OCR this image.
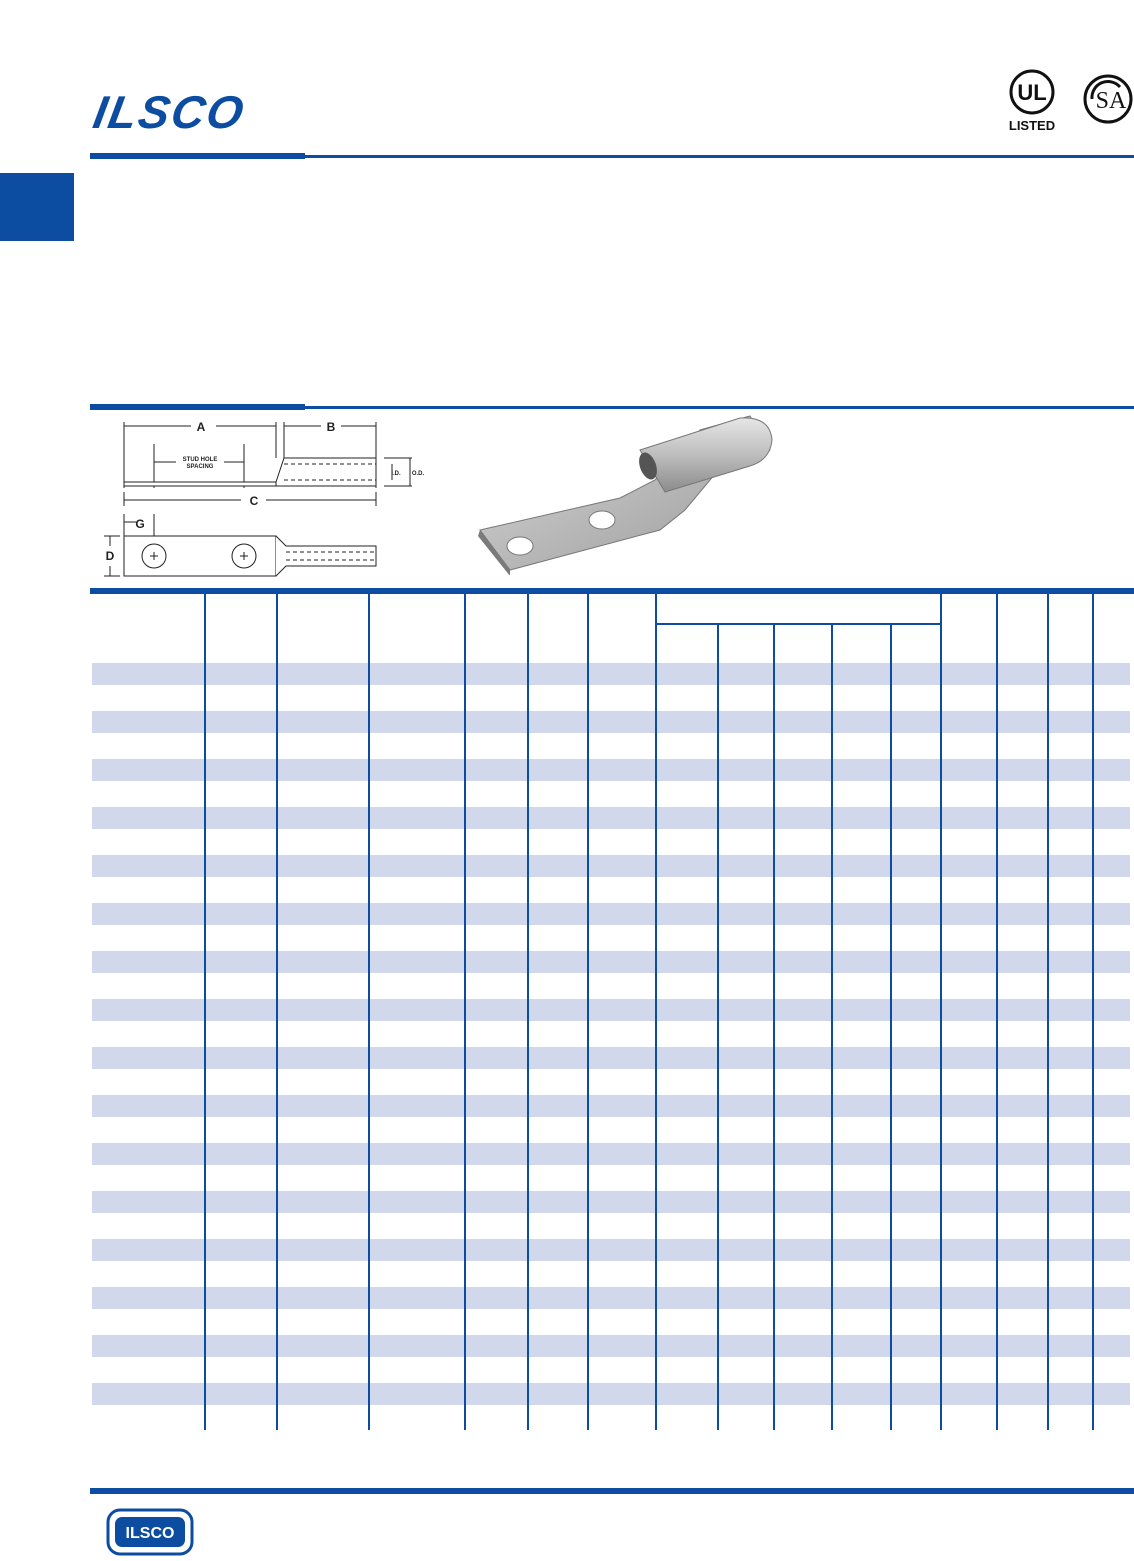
ILSCO	UL
LISTED
SA
A	B
STUD HOLE
SPACING
I.D. O.D.
C
G
D
ILSCO
